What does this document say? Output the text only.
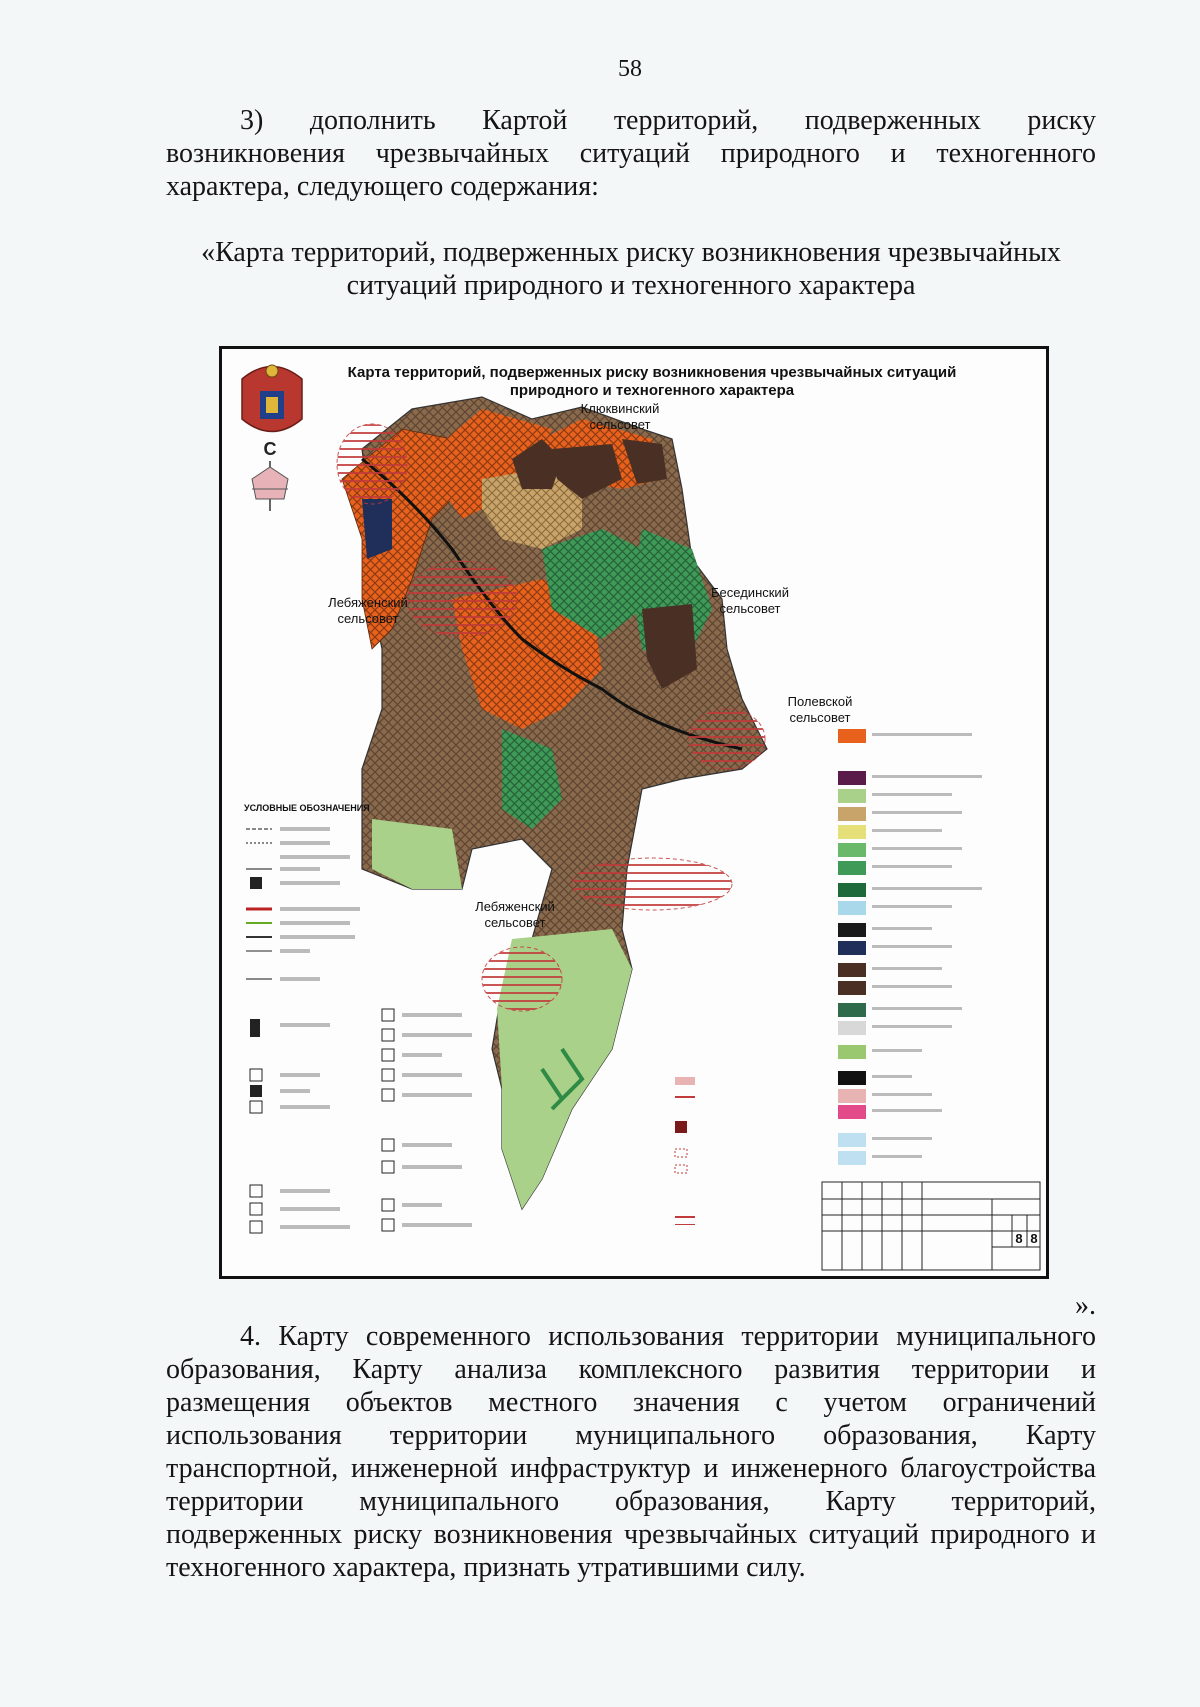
58
3) дополнить Картой территорий, подверженных риску
возникновения чрезвычайных ситуаций природного и техногенного
характера, следующего содержания:
«Карта территорий, подверженных риску возникновения чрезвычайных
ситуаций природного и техногенного характера
Карта территорий, подверженных риску возникновения чрезвычайных ситуаций
природного и техногенного характера
С
Клюквинский
сельсовет
Лебяженский
сельсовет
Бесединский
сельсовет
Полевской
сельсовет
Лебяженский
сельсовет
УСЛОВНЫЕ ОБОЗНАЧЕНИЯ
8 8
».
4. Карту современного использования территории муниципального
образования, Карту анализа комплексного развития территории и
размещения объектов местного значения с учетом ограничений
использования территории муниципального образования, Карту
транспортной, инженерной инфраструктур и инженерного благоустройства
территории муниципального образования, Карту территорий,
подверженных риску возникновения чрезвычайных ситуаций природного и
техногенного характера, признать утратившими силу.
